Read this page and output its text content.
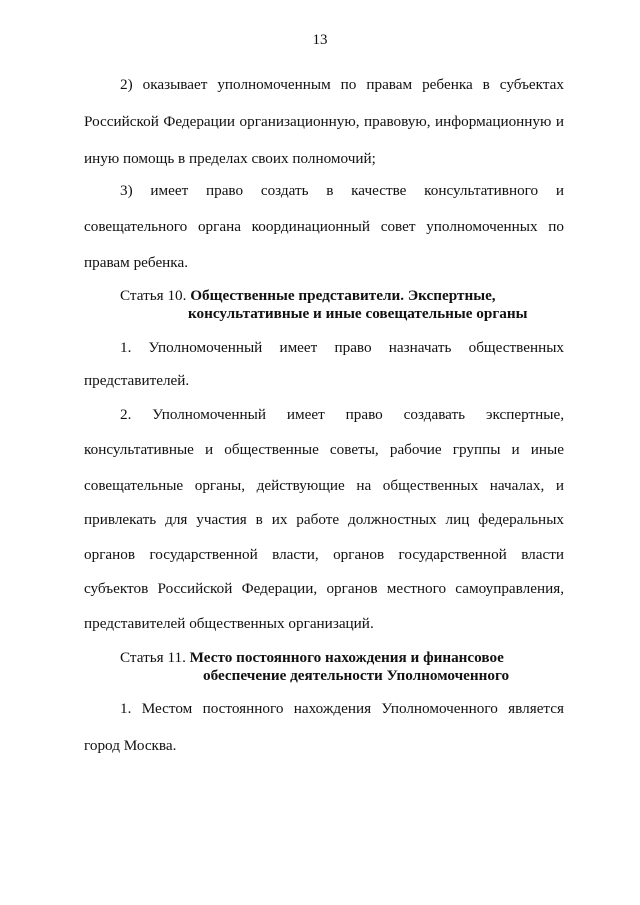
13
2) оказывает уполномоченным по правам ребенка в субъектах
Российской Федерации организационную, правовую, информационную и
иную помощь в пределах своих полномочий;
3) имеет право создать в качестве консультативного и
совещательного органа координационный совет уполномоченных по
правам ребенка.
Статья 10. Общественные представители. Экспертные,
консультативные и иные совещательные органы
1. Уполномоченный имеет право назначать общественных
представителей.
2. Уполномоченный имеет право создавать экспертные,
консультативные и общественные советы, рабочие группы и иные
совещательные органы, действующие на общественных началах, и
привлекать для участия в их работе должностных лиц федеральных
органов государственной власти, органов государственной власти
субъектов Российской Федерации, органов местного самоуправления,
представителей общественных организаций.
Статья 11. Место постоянного нахождения и финансовое
обеспечение деятельности Уполномоченного
1. Местом постоянного нахождения Уполномоченного является
город Москва.
